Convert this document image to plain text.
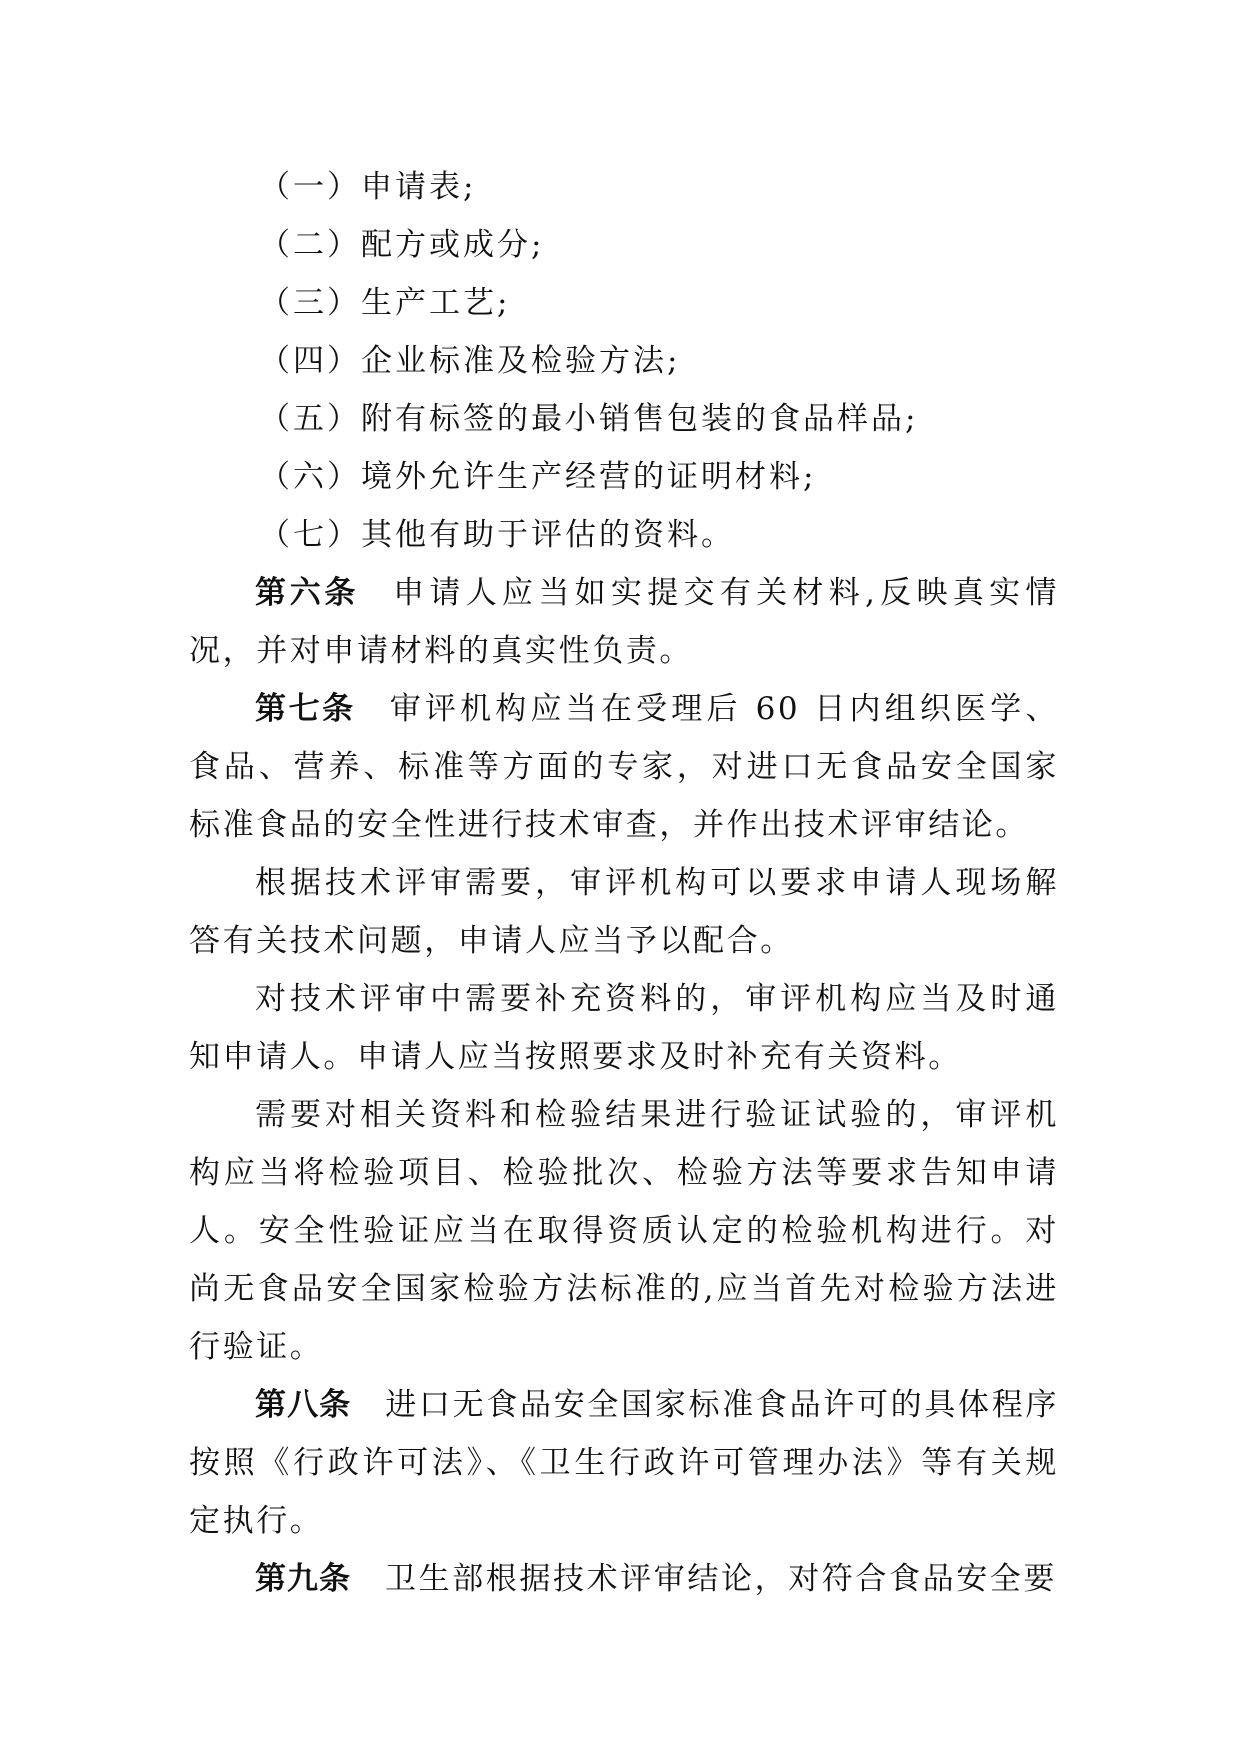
（一）申请表;
（二）配方或成分;
（三）生产工艺;
（四）企业标准及检验方法;
（五）附有标签的最小销售包装的食品样品;
（六）境外允许生产经营的证明材料;
（七）其他有助于评估的资料。

第六条 申请人应当如实提交有关材料,反映真实情况，并对申请材料的真实性负责。

第七条 审评机构应当在受理后 60 日内组织医学、食品、营养、标准等方面的专家，对进口无食品安全国家标准食品的安全性进行技术审查，并作出技术评审结论。

根据技术评审需要，审评机构可以要求申请人现场解答有关技术问题，申请人应当予以配合。

对技术评审中需要补充资料的，审评机构应当及时通知申请人。申请人应当按照要求及时补充有关资料。

需要对相关资料和检验结果进行验证试验的，审评机构应当将检验项目、检验批次、检验方法等要求告知申请人。安全性验证应当在取得资质认定的检验机构进行。对尚无食品安全国家检验方法标准的,应当首先对检验方法进行验证。

第八条 进口无食品安全国家标准食品许可的具体程序按照《行政许可法》、《卫生行政许可管理办法》等有关规定执行。

第九条 卫生部根据技术评审结论，对符合食品安全要
